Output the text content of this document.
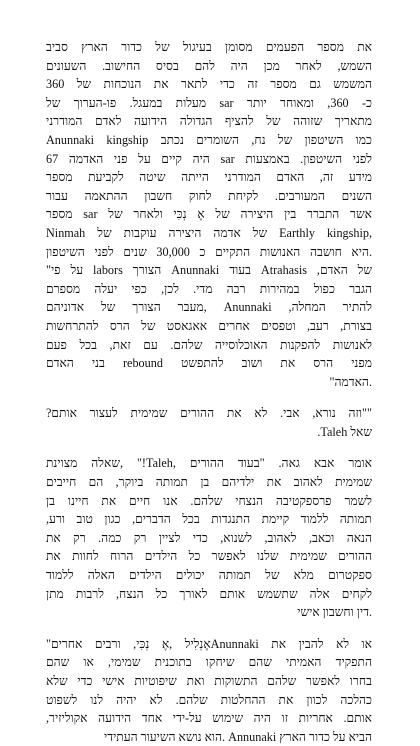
את מספר הפעמים מסומן בעיגול של כדור הארץ סביב
השמש, לאחר מכן היה להם בסיס החישוב. השעונים
המשמש גם מספר זה כדי לתאר את הנוכחות של 360
כ- 360, ומאוחר יותר sar מעלות במעגל. פו-הערוך של
מתאריך שזוהה של להציף הגדולה הידועה לאדם המודרני
Anunnaki kingship כמו השיטפון של נח, השומרים נכתב
לפני השיטפון. באמצעות sar היה קיים על פני האדמה 67
מידע זה, האדם המודרני הייתה שיטה לקביעת מספר
השנים המעורבים. לקיחת לחוק חשבון ההתאמה עבור
אשר התברר בין היצירה של אֶ נְכִּי ולאחר של sar מספר
Ninmah של אדמה היצירה עוקבות של Earthly kingship,
.היא חושבה האנושות התקיים כ 30,000 שנים לפני השיטפון
של האדם, Atrahasis בעוד Anunnaki הצורך labors על פי"
הגבר כפול במהירות רבה מדי. לכן, כפי יעלה מספרם
להתיר המחלה, Anunnaki ,מעבר הצורך של אדוניהם
בצורת, רעב, וטפסים אחרים אאגאסט של הרס להתרחשות
לאנושות להפקנות האוכלוסייה שלהם. עם זאת, בכל פעם
מפני הרס את ושוב להתפשט rebound בני האדם
.האדמה"
""וזה נורא, אבי. לא את ההורים שמימית לעצור אותם?
.Taleh שאל
אומר אבא גאה. "בעוד ההורים ,Taleh!" ,שאלה מצוינת
שמימית לאהוב את ילדיהם בן תמותה ביוקר, הם חייבים
לשמר פרספקטיבה הנצחי שלהם. אנו חיים את חיינו בן
תמותה ללמוד קיימת התנגדות בכל הדברים, כגון טוב ורע,
הנאה וכאב, לאהוב, לשנוא, כדי לציין רק כמה. רק את
ההורים שמימית שלנו לאפשר כל הילדים הרוח לחוות את
ספקטרום מלא של תמותה יכולים הילדים האלה ללמוד
לקחים אלה שתשמש אותם לאורך כל הנצח, לרבות מתן
.דין וחשבון אישי
או לא להבין את Anunnakiאֶנְלִיל ,אֶ נְכִּי, ורבים אחרים"
התפקיד האמיתי שהם שיחקו בתוכנית שמימי, או שהם
בחרו לאפשר שלהם התשוקות ואת שיפוטיות אישי כדי שלא
כהלכה לכוון את ההחלטות שלהם. לא יהיה לנו לשפוט
אותם. אחריות זו היה שימוש על-ידי אחד הידועה אקוליזיר,
הביא על כדור הארץ Annunaki .הוא נושא השיעור העתידי
